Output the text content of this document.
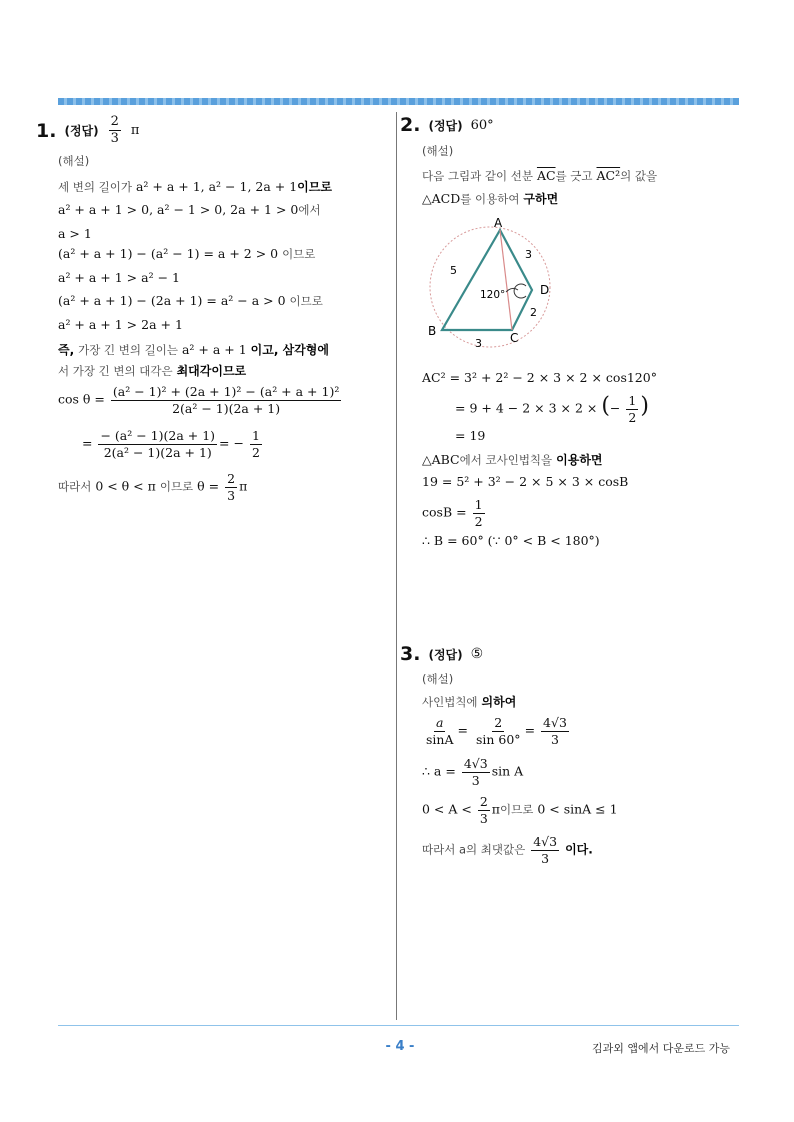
1. (정답) $\frac{2}{3}$ π
(해설)
세 변의 길이가 a² + a + 1, a² − 1, 2a + 1이므로
a² + a + 1 > 0, a² − 1 > 0, 2a + 1 > 0에서
a > 1
(a² + a + 1) − (a² − 1) = a + 2 > 0 이므로
a² + a + 1 > a² − 1
(a² + a + 1) − (2a + 1) = a² − a > 0 이므로
a² + a + 1 > 2a + 1
즉, 가장 긴 변의 길이는 a² + a + 1 이고, 삼각형에
서 가장 긴 변의 대각은 최대각이므로
$\cos \theta = \frac{\text{(a² − 1)² + (2a + 1)² − (a² + a + 1)²}}{\text{2(a² − 1)(2a + 1)}}$
= $\frac{\text{− (a² − 1)(2a + 1)}}{\text{2(a² − 1)(2a + 1)}}$ = − $\frac{1}{2}$
따라서 0 < θ < π 이므로 $\theta = \frac{2}{3}$ π
2. (정답) 60°
(해설)
다음 그림과 같이 선분 $\overline{AC}$를 긋고 AC²의 값을
△ACD를 이용하여 구하면
A
B	C
D
5
3
2
3
120°
AC² = 3² + 2² − 2 × 3 × 2 × cos120°
= 9 + 4 − 2 × 3 × 2 × (− $\frac{1}{2}$ )
= 19
△ABC에서 코사인법칙을 이용하면
19 = 5² + 3² − 2 × 5 × 3 × cosB
$\cos B = \frac{1}{2}$
∴ B = 60° (∵ 0° < B < 180°)
3. (정답) ⑤
(해설)
사인법칙에 의하여
$\frac{a}{\sin A} = \frac{2}{\sin 60^\circ} = \frac{4√3}{3}$
∴ $a = \frac{4√3}{3}$ sin A
$0 < A < \frac{2}{3}$ π이므로 0 < sinA ≤ 1
따라서 a의 최댓값은 $\frac{4√3}{3}$ 이다.
- 4 -	김과외 앱에서 다운로드 가능
